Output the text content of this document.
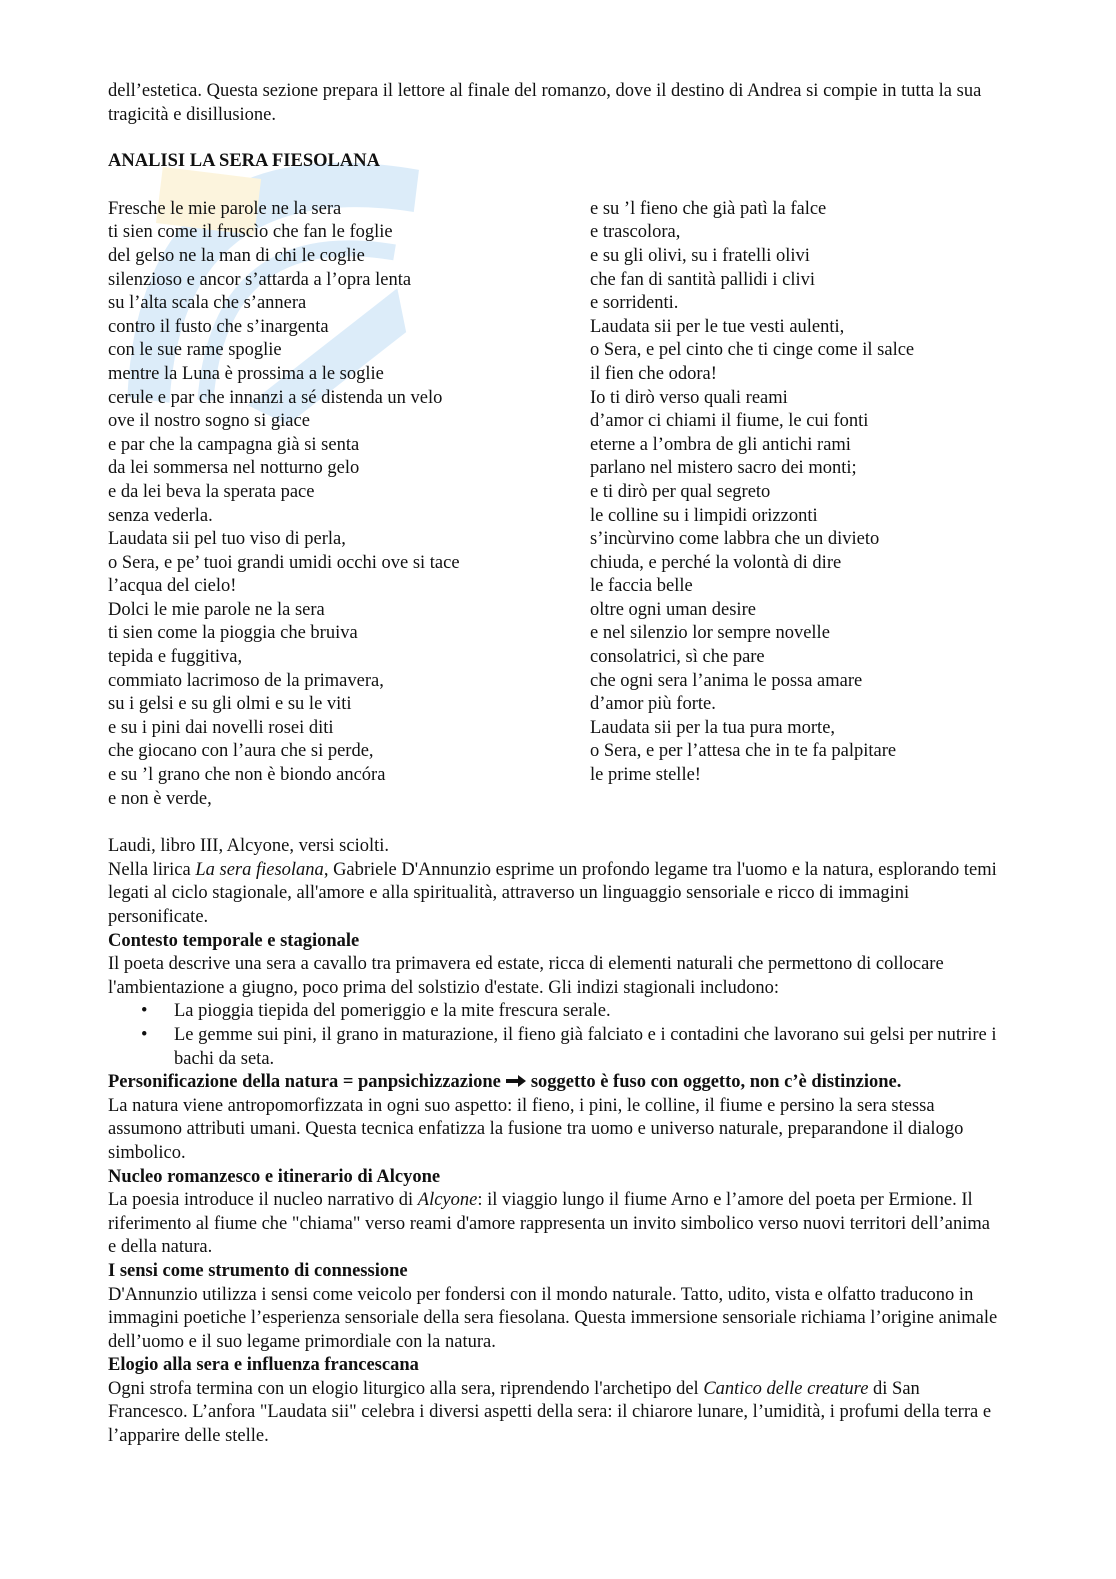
dell’estetica. Questa sezione prepara il lettore al finale del romanzo, dove il destino di Andrea si compie in tutta la sua tragicità e disillusione.

ANALISI LA SERA FIESOLANA
Fresche le mie parole ne la sera
ti sien come il fruscìo che fan le foglie
del gelso ne la man di chi le coglie
silenzioso e ancor s’attarda a l’opra lenta
su l’alta scala che s’annera
contro il fusto che s’inargenta
con le sue rame spoglie
mentre la Luna è prossima a le soglie
cerule e par che innanzi a sé distenda un velo
ove il nostro sogno si giace
e par che la campagna già si senta
da lei sommersa nel notturno gelo
e da lei beva la sperata pace
senza vederla.
Laudata sii pel tuo viso di perla,
o Sera, e pe’ tuoi grandi umidi occhi ove si tace
l’acqua del cielo!
Dolci le mie parole ne la sera
ti sien come la pioggia che bruiva
tepida e fuggitiva,
commiato lacrimoso de la primavera,
su i gelsi e su gli olmi e su le viti
e su i pini dai novelli rosei diti
che giocano con l’aura che si perde,
e su ’l grano che non è biondo ancóra
e non è verde,
e su ’l fieno che già patì la falce
e trascolora,
e su gli olivi, su i fratelli olivi
che fan di santità pallidi i clivi
e sorridenti.
Laudata sii per le tue vesti aulenti,
o Sera, e pel cinto che ti cinge come il salce
il fien che odora!
Io ti dirò verso quali reami
d’amor ci chiami il fiume, le cui fonti
eterne a l’ombra de gli antichi rami
parlano nel mistero sacro dei monti;
e ti dirò per qual segreto
le colline su i limpidi orizzonti
s’incùrvino come labbra che un divieto
chiuda, e perché la volontà di dire
le faccia belle
oltre ogni uman desire
e nel silenzio lor sempre novelle
consolatrici, sì che pare
che ogni sera l’anima le possa amare
d’amor più forte.
Laudata sii per la tua pura morte,
o Sera, e per l’attesa che in te fa palpitare
le prime stelle!

Laudi, libro III, Alcyone, versi sciolti.

Nella lirica La sera fiesolana, Gabriele D'Annunzio esprime un profondo legame tra l'uomo e la natura, esplorando temi legati al ciclo stagionale, all'amore e alla spiritualità, attraverso un linguaggio sensoriale e ricco di immagini personificate.

Contesto temporale e stagionale

Il poeta descrive una sera a cavallo tra primavera ed estate, ricca di elementi naturali che permettono di collocare l'ambientazione a giugno, poco prima del solstizio d'estate. Gli indizi stagionali includono:

• La pioggia tiepida del pomeriggio e la mite frescura serale.
• Le gemme sui pini, il grano in maturazione, il fieno già falciato e i contadini che lavorano sui gelsi per nutrire i bachi da seta.

Personificazione della natura = panpsichizzazione soggetto è fuso con oggetto, non c’è distinzione.

La natura viene antropomorfizzata in ogni suo aspetto: il fieno, i pini, le colline, il fiume e persino la sera stessa assumono attributi umani. Questa tecnica enfatizza la fusione tra uomo e universo naturale, preparandone il dialogo simbolico.

Nucleo romanzesco e itinerario di Alcyone

La poesia introduce il nucleo narrativo di Alcyone: il viaggio lungo il fiume Arno e l’amore del poeta per Ermione. Il riferimento al fiume che "chiama" verso reami d'amore rappresenta un invito simbolico verso nuovi territori dell’anima e della natura.

I sensi come strumento di connessione

D'Annunzio utilizza i sensi come veicolo per fondersi con il mondo naturale. Tatto, udito, vista e olfatto traducono in immagini poetiche l’esperienza sensoriale della sera fiesolana. Questa immersione sensoriale richiama l’origine animale dell’uomo e il suo legame primordiale con la natura.

Elogio alla sera e influenza francescana

Ogni strofa termina con un elogio liturgico alla sera, riprendendo l'archetipo del Cantico delle creature di San Francesco. L’anfora "Laudata sii" celebra i diversi aspetti della sera: il chiarore lunare, l’umidità, i profumi della terra e l’apparire delle stelle.
